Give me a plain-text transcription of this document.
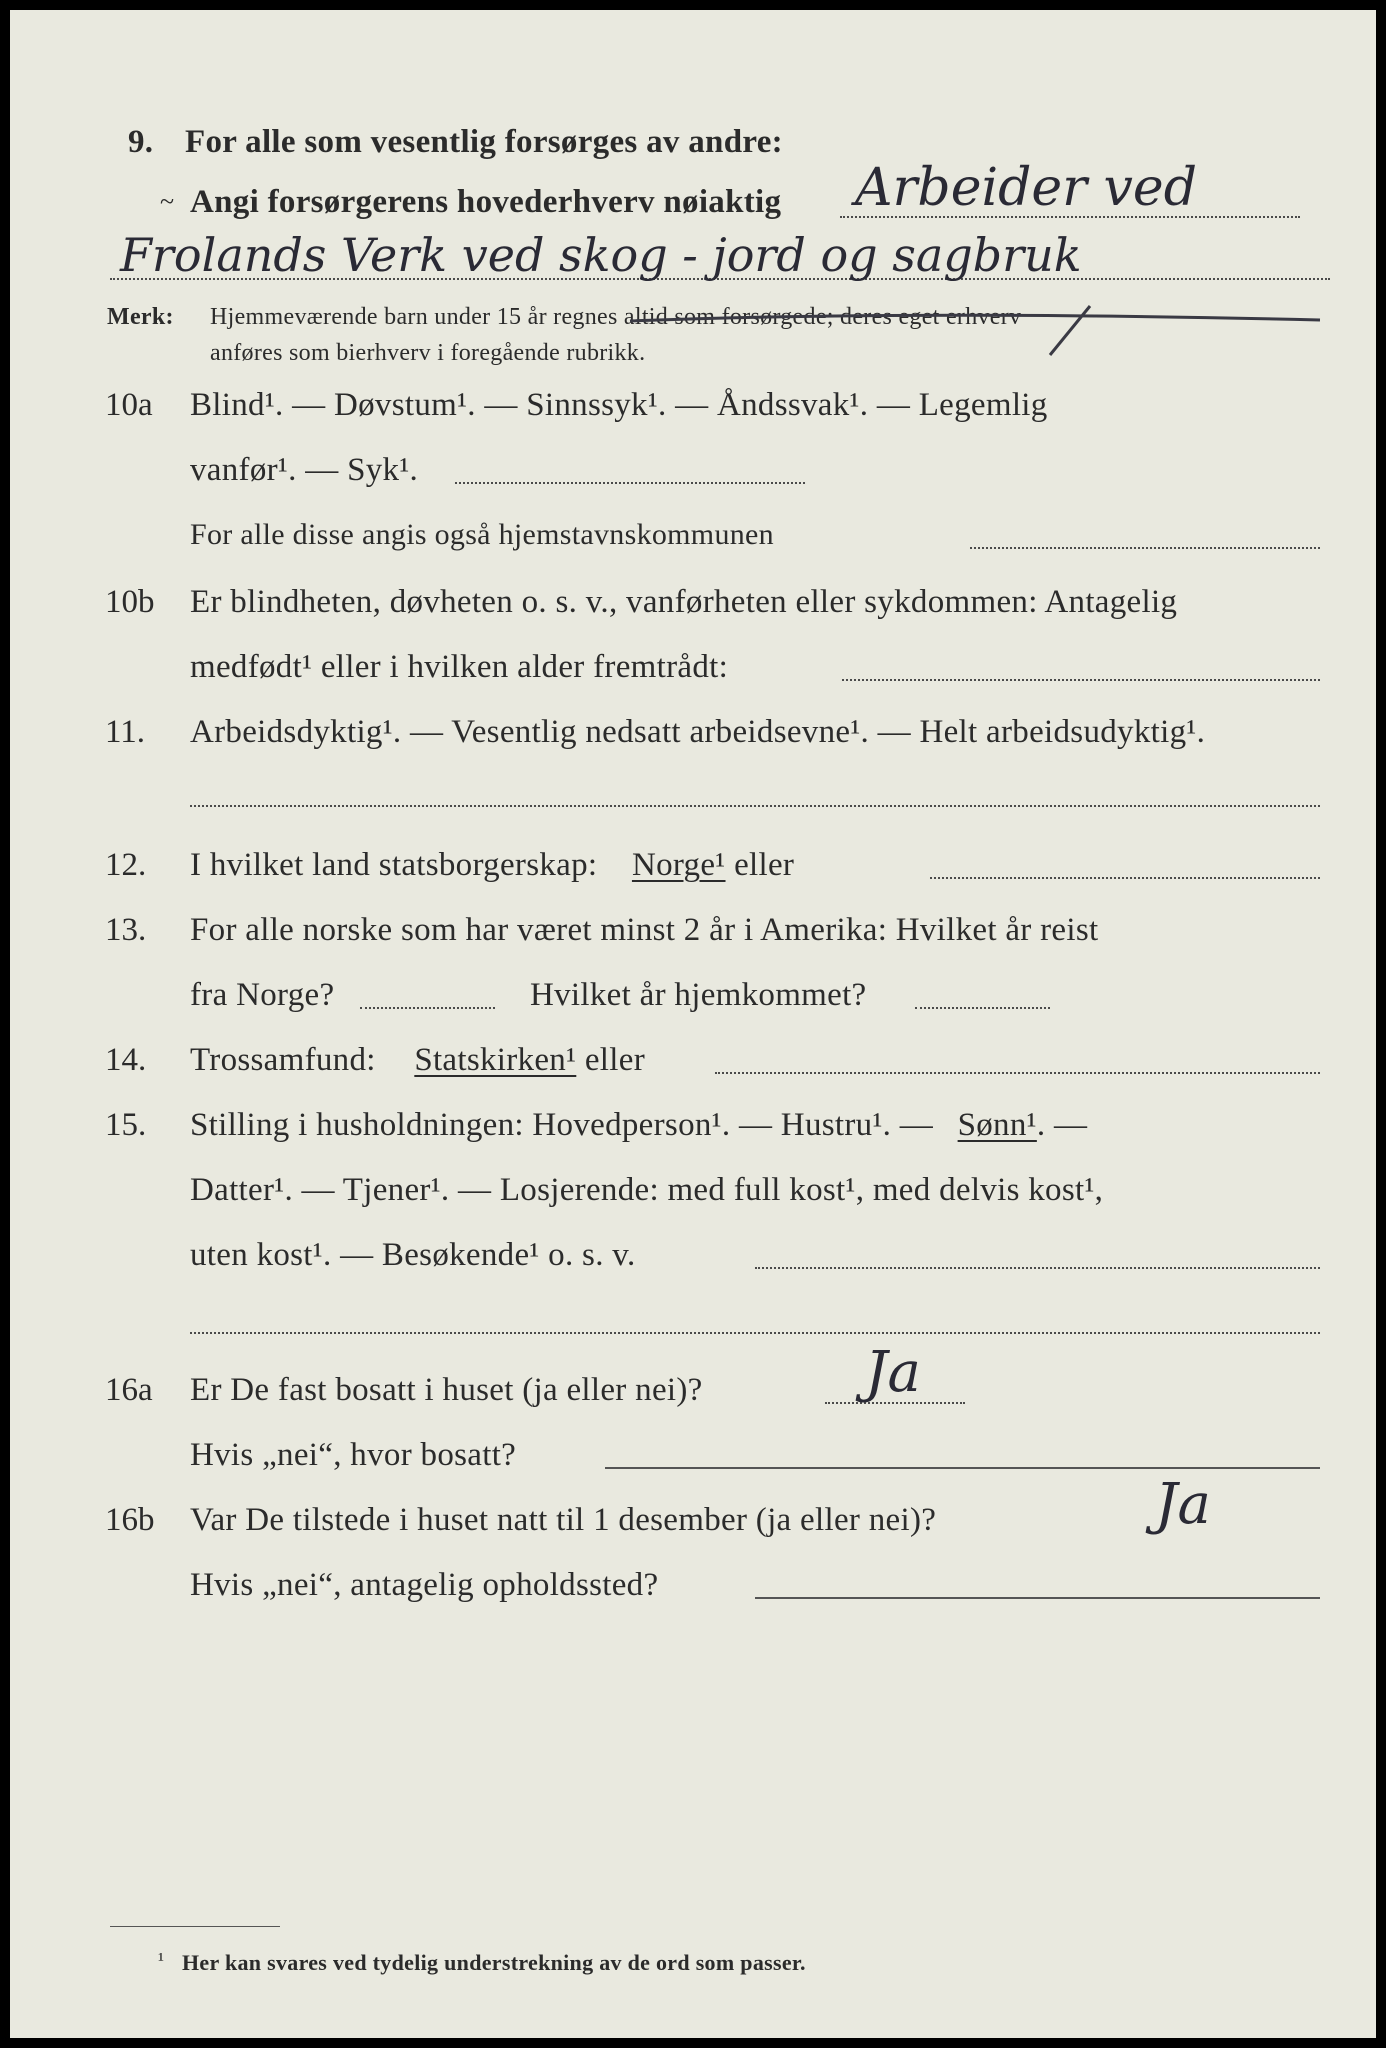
9. For alle som vesentlig forsørges av andre:
~ Angi forsørgerens hovederhverv nøiaktig Arbeider ved
Frolands Verk ved skog - jord og sagbruk
Merk: Hjemmeværende barn under 15 år regnes altid som forsørgede; deres eget erhverv
anføres som bierhverv i foregående rubrikk.
10a Blind¹. — Døvstum¹. — Sinnssyk¹. — Åndssvak¹. — Legemlig
vanfør¹. — Syk¹.
For alle disse angis også hjemstavnskommunen
10b Er blindheten, døvheten o. s. v., vanførheten eller sykdommen: Antagelig
medfødt¹ eller i hvilken alder fremtrådt:
11. Arbeidsdyktig¹. — Vesentlig nedsatt arbeidsevne¹. — Helt arbeidsudyktig¹.
12. I hvilket land statsborgerskap: Norge¹ eller
13. For alle norske som har været minst 2 år i Amerika: Hvilket år reist
fra Norge?	Hvilket år hjemkommet?
14. Trossamfund: Statskirken¹ eller
15. Stilling i husholdningen: Hovedperson¹. — Hustru¹. — Sønn¹. —
Datter¹. — Tjener¹. — Losjerende: med full kost¹, med delvis kost¹,
uten kost¹. — Besøkende¹ o. s. v.
16a Er De fast bosatt i huset (ja eller nei)?	Ja
Hvis „nei“, hvor bosatt?
16b Var De tilstede i huset natt til 1 desember (ja eller nei)?	Ja
Hvis „nei“, antagelig opholdssted?
¹ Her kan svares ved tydelig understrekning av de ord som passer.
